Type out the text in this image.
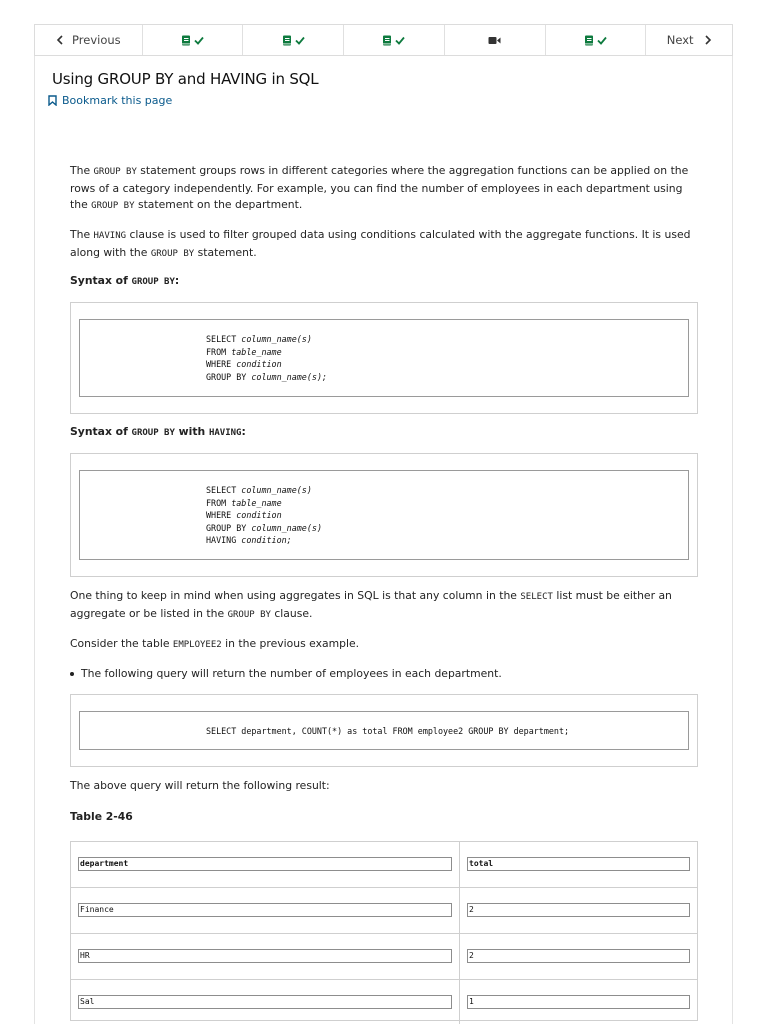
Previous	Next
Using GROUP BY and HAVING in SQL
Bookmark this page

The GROUP BY statement groups rows in different categories where the aggregation functions can be applied on the rows of a category independently. For example, you can find the number of employees in each department using the GROUP BY statement on the department.

The HAVING clause is used to filter grouped data using conditions calculated with the aggregate functions. It is used along with the GROUP BY statement.

Syntax of GROUP BY:

SELECT column_name(s)
FROM table_name
WHERE condition
GROUP BY column_name(s);

Syntax of GROUP BY with HAVING:

SELECT column_name(s)
FROM table_name
WHERE condition
GROUP BY column_name(s)
HAVING condition;

One thing to keep in mind when using aggregates in SQL is that any column in the SELECT list must be either an aggregate or be listed in the GROUP BY clause.

Consider the table EMPLOYEE2 in the previous example.

The following query will return the number of employees in each department.
SELECT department, COUNT(*) as total FROM employee2 GROUP BY department;

The above query will return the following result:

Table 2-46

department	total
Finance	2
HR	2
Sal	1
